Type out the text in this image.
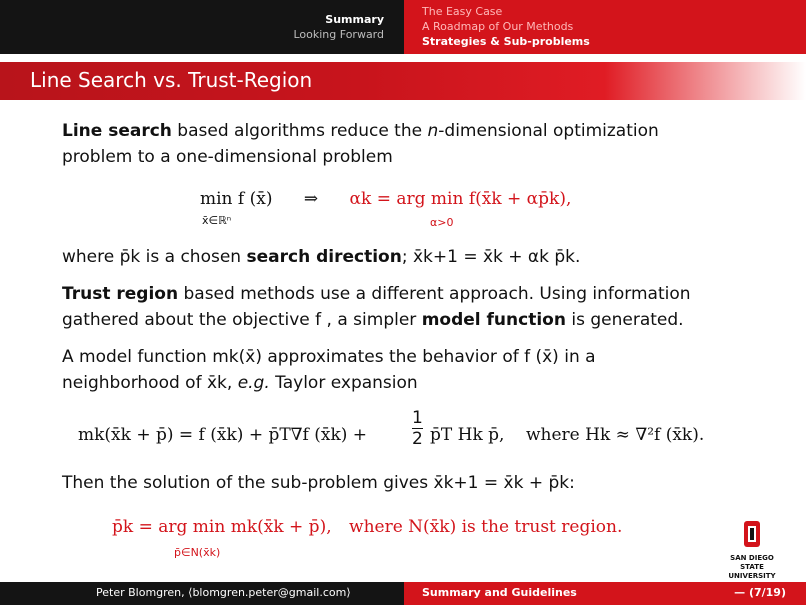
Summary
Looking Forward
The Easy Case
A Roadmap of Our Methods
Strategies & Sub-problems
Line Search vs. Trust-Region
Line search based algorithms reduce the n-dimensional optimization
problem to a one-dimensional problem
min f (x̄) ⇒ αk = arg min f(x̄k + αp̄k),
x̄∈ℝⁿ	α>0
where p̄k is a chosen search direction; x̄k+1 = x̄k + αk p̄k.
Trust region based methods use a different approach. Using information
gathered about the objective f , a simpler model function is generated.
A model function mk(x̄) approximates the behavior of f (x̄) in a
neighborhood of x̄k, e.g. Taylor expansion
mk(x̄k + p̄) = f (x̄k) + p̄T∇f (x̄k) +	$\frac{1}{2}$ p̄T Hk p̄, where Hk ≈ ∇²f (x̄k).
Then the solution of the sub-problem gives x̄k+1 = x̄k + p̄k:
p̄k = arg min mk(x̄k + p̄), where N(x̄k) is the trust region.
p̄∈N(x̄k)	SAN DIEGO STATE
UNIVERSITY
Peter Blomgren, ⟨blomgren.peter@gmail.com⟩	Summary and Guidelines	— (7/19)
